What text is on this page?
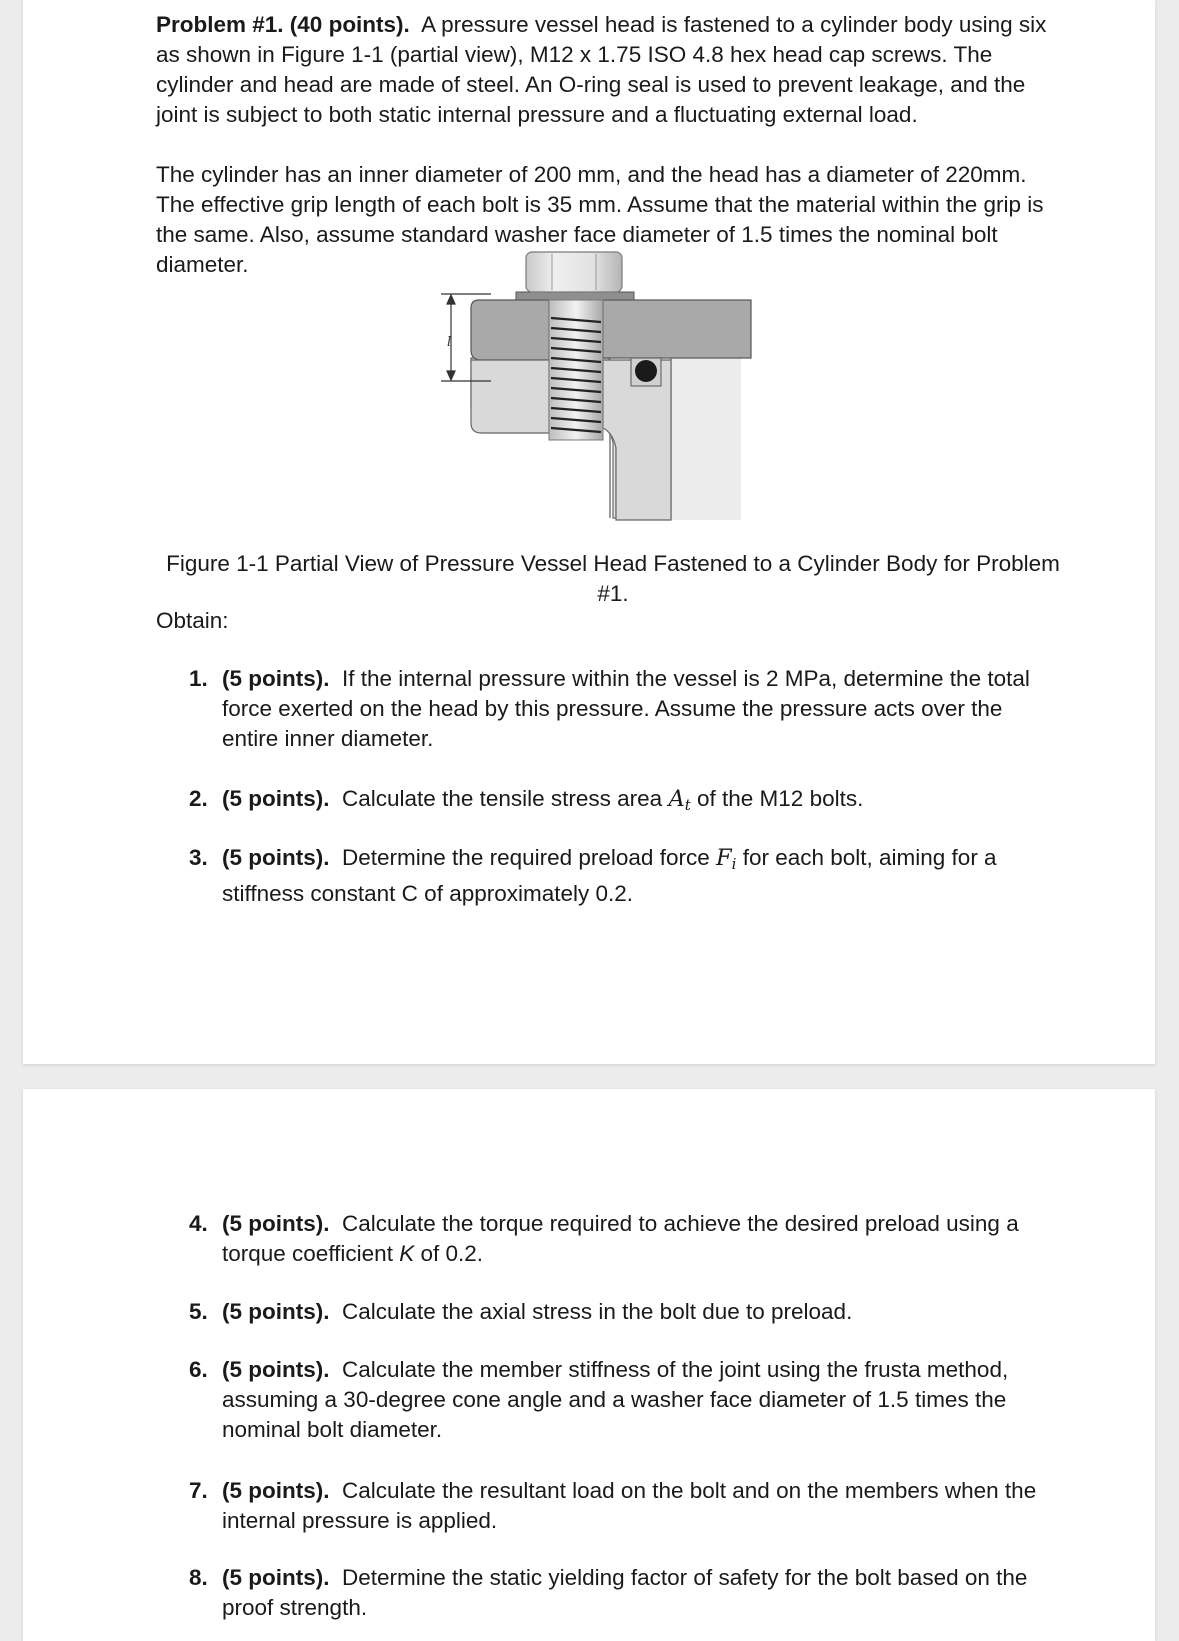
Problem #1. (40 points). A pressure vessel head is fastened to a cylinder body using six as shown in Figure 1-1 (partial view), M12 x 1.75 ISO 4.8 hex head cap screws. The cylinder and head are made of steel. An O-ring seal is used to prevent leakage, and the joint is subject to both static internal pressure and a fluctuating external load.

The cylinder has an inner diameter of 200 mm, and the head has a diameter of 220mm. The effective grip length of each bolt is 35 mm. Assume that the material within the grip is the same. Also, assume standard washer face diameter of 1.5 times the nominal bolt diameter.

l
Figure 1-1 Partial View of Pressure Vessel Head Fastened to a Cylinder Body for Problem #1.
Obtain:
1. (5 points). If the internal pressure within the vessel is 2 MPa, determine the total force exerted on the head by this pressure. Assume the pressure acts over the entire inner diameter.
2. (5 points). Calculate the tensile stress area $A_t$ of the M12 bolts.
3. (5 points). Determine the required preload force $F_i$ for each bolt, aiming for a stiffness constant C of approximately 0.2.
4. (5 points). Calculate the torque required to achieve the desired preload using a torque coefficient K of 0.2.
5. (5 points). Calculate the axial stress in the bolt due to preload.
6. (5 points). Calculate the member stiffness of the joint using the frusta method, assuming a 30-degree cone angle and a washer face diameter of 1.5 times the nominal bolt diameter.
7. (5 points). Calculate the resultant load on the bolt and on the members when the internal pressure is applied.
8. (5 points). Determine the static yielding factor of safety for the bolt based on the proof strength.
